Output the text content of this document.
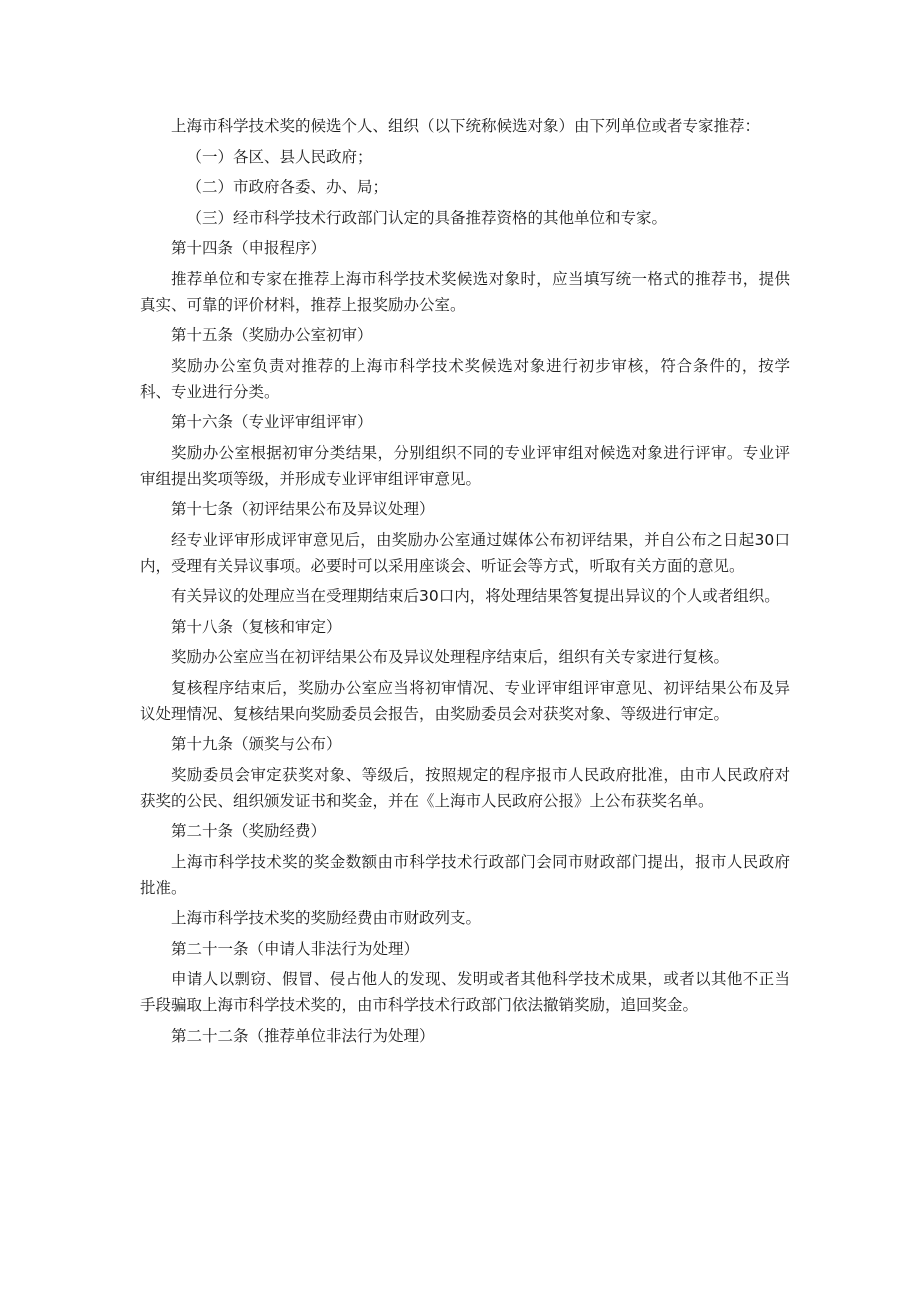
上海市科学技术奖的候选个人、组织（以下统称候选对象）由下列单位或者专家推荐：

（一）各区、县人民政府；

（二）市政府各委、办、局；

（三）经市科学技术行政部门认定的具备推荐资格的其他单位和专家。

第十四条（申报程序）

推荐单位和专家在推荐上海市科学技术奖候选对象时，应当填写统一格式的推荐书，提供真实、可靠的评价材料，推荐上报奖励办公室。

第十五条（奖励办公室初审）

奖励办公室负责对推荐的上海市科学技术奖候选对象进行初步审核，符合条件的，按学科、专业进行分类。

第十六条（专业评审组评审）

奖励办公室根据初审分类结果，分别组织不同的专业评审组对候选对象进行评审。专业评审组提出奖项等级，并形成专业评审组评审意见。

第十七条（初评结果公布及异议处理）

经专业评审形成评审意见后，由奖励办公室通过媒体公布初评结果，并自公布之日起30口内，受理有关异议事项。必要时可以采用座谈会、听证会等方式，听取有关方面的意见。

有关异议的处理应当在受理期结束后30口内，将处理结果答复提出异议的个人或者组织。

第十八条（复核和审定）

奖励办公室应当在初评结果公布及异议处理程序结束后，组织有关专家进行复核。

复核程序结束后，奖励办公室应当将初审情况、专业评审组评审意见、初评结果公布及异议处理情况、复核结果向奖励委员会报告，由奖励委员会对获奖对象、等级进行审定。

第十九条（颁奖与公布）

奖励委员会审定获奖对象、等级后，按照规定的程序报市人民政府批准，由市人民政府对获奖的公民、组织颁发证书和奖金，并在《上海市人民政府公报》上公布获奖名单。

第二十条（奖励经费）

上海市科学技术奖的奖金数额由市科学技术行政部门会同市财政部门提出，报市人民政府批准。

上海市科学技术奖的奖励经费由市财政列支。

第二十一条（申请人非法行为处理）

申请人以剽窃、假冒、侵占他人的发现、发明或者其他科学技术成果，或者以其他不正当手段骗取上海市科学技术奖的，由市科学技术行政部门依法撤销奖励，追回奖金。

第二十二条（推荐单位非法行为处理）
